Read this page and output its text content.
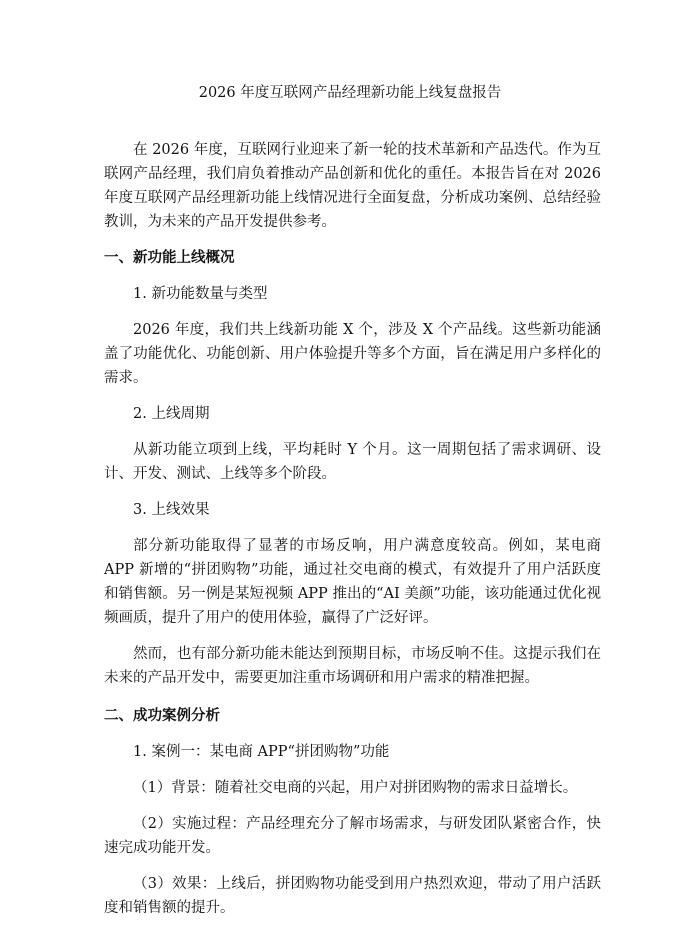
2026 年度互联网产品经理新功能上线复盘报告

在 2026 年度，互联网行业迎来了新一轮的技术革新和产品迭代。作为互联网产品经理，我们肩负着推动产品创新和优化的重任。本报告旨在对 2026 年度互联网产品经理新功能上线情况进行全面复盘，分析成功案例、总结经验教训，为未来的产品开发提供参考。

一、新功能上线概况

1. 新功能数量与类型

2026 年度，我们共上线新功能 X 个，涉及 X 个产品线。这些新功能涵盖了功能优化、功能创新、用户体验提升等多个方面，旨在满足用户多样化的需求。

2. 上线周期

从新功能立项到上线，平均耗时 Y 个月。这一周期包括了需求调研、设计、开发、测试、上线等多个阶段。

3. 上线效果

部分新功能取得了显著的市场反响，用户满意度较高。例如，某电商 APP 新增的“拼团购物”功能，通过社交电商的模式，有效提升了用户活跃度和销售额。另一例是某短视频 APP 推出的“AI 美颜”功能，该功能通过优化视频画质，提升了用户的使用体验，赢得了广泛好评。

然而，也有部分新功能未能达到预期目标，市场反响不佳。这提示我们在未来的产品开发中，需要更加注重市场调研和用户需求的精准把握。

二、成功案例分析

1. 案例一：某电商 APP“拼团购物”功能

（1）背景：随着社交电商的兴起，用户对拼团购物的需求日益增长。

（2）实施过程：产品经理充分了解市场需求，与研发团队紧密合作，快速完成功能开发。

（3）效果：上线后，拼团购物功能受到用户热烈欢迎，带动了用户活跃度和销售额的提升。
